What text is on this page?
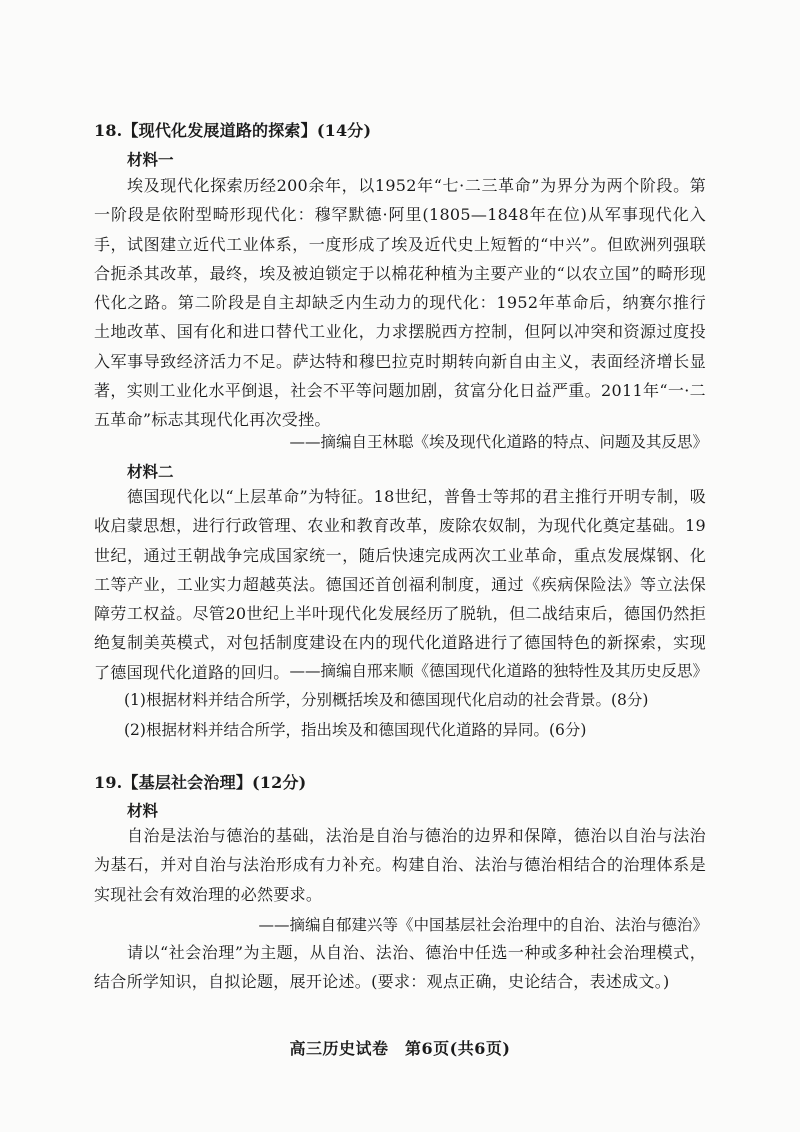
18.【现代化发展道路的探索】(14分)
材料一
埃及现代化探索历经200余年，以1952年“七·二三革命”为界分为两个阶段。第一阶段是依附型畸形现代化：穆罕默德·阿里(1805—1848年在位)从军事现代化入手，试图建立近代工业体系，一度形成了埃及近代史上短暂的“中兴”。但欧洲列强联合扼杀其改革，最终，埃及被迫锁定于以棉花种植为主要产业的“以农立国”的畸形现代化之路。第二阶段是自主却缺乏内生动力的现代化：1952年革命后，纳赛尔推行土地改革、国有化和进口替代工业化，力求摆脱西方控制，但阿以冲突和资源过度投入军事导致经济活力不足。萨达特和穆巴拉克时期转向新自由主义，表面经济增长显著，实则工业化水平倒退，社会不平等问题加剧，贫富分化日益严重。2011年“一·二五革命”标志其现代化再次受挫。
——摘编自王林聪《埃及现代化道路的特点、问题及其反思》
材料二
德国现代化以“上层革命”为特征。18世纪，普鲁士等邦的君主推行开明专制，吸收启蒙思想，进行行政管理、农业和教育改革，废除农奴制，为现代化奠定基础。19世纪，通过王朝战争完成国家统一，随后快速完成两次工业革命，重点发展煤钢、化工等产业，工业实力超越英法。德国还首创福利制度，通过《疾病保险法》等立法保障劳工权益。尽管20世纪上半叶现代化发展经历了脱轨，但二战结束后，德国仍然拒绝复制美英模式，对包括制度建设在内的现代化道路进行了德国特色的新探索，实现了德国现代化道路的回归。 ——摘编自邢来顺《德国现代化道路的独特性及其历史反思》
(1)根据材料并结合所学，分别概括埃及和德国现代化启动的社会背景。(8分)
(2)根据材料并结合所学，指出埃及和德国现代化道路的异同。(6分)
19.【基层社会治理】(12分)
材料
自治是法治与德治的基础，法治是自治与德治的边界和保障，德治以自治与法治为基石，并对自治与法治形成有力补充。构建自治、法治与德治相结合的治理体系是实现社会有效治理的必然要求。
——摘编自郁建兴等《中国基层社会治理中的自治、法治与德治》
请以“社会治理”为主题，从自治、法治、德治中任选一种或多种社会治理模式，结合所学知识，自拟论题，展开论述。(要求：观点正确，史论结合，表述成文。)
高三历史试卷　第6页(共6页)
